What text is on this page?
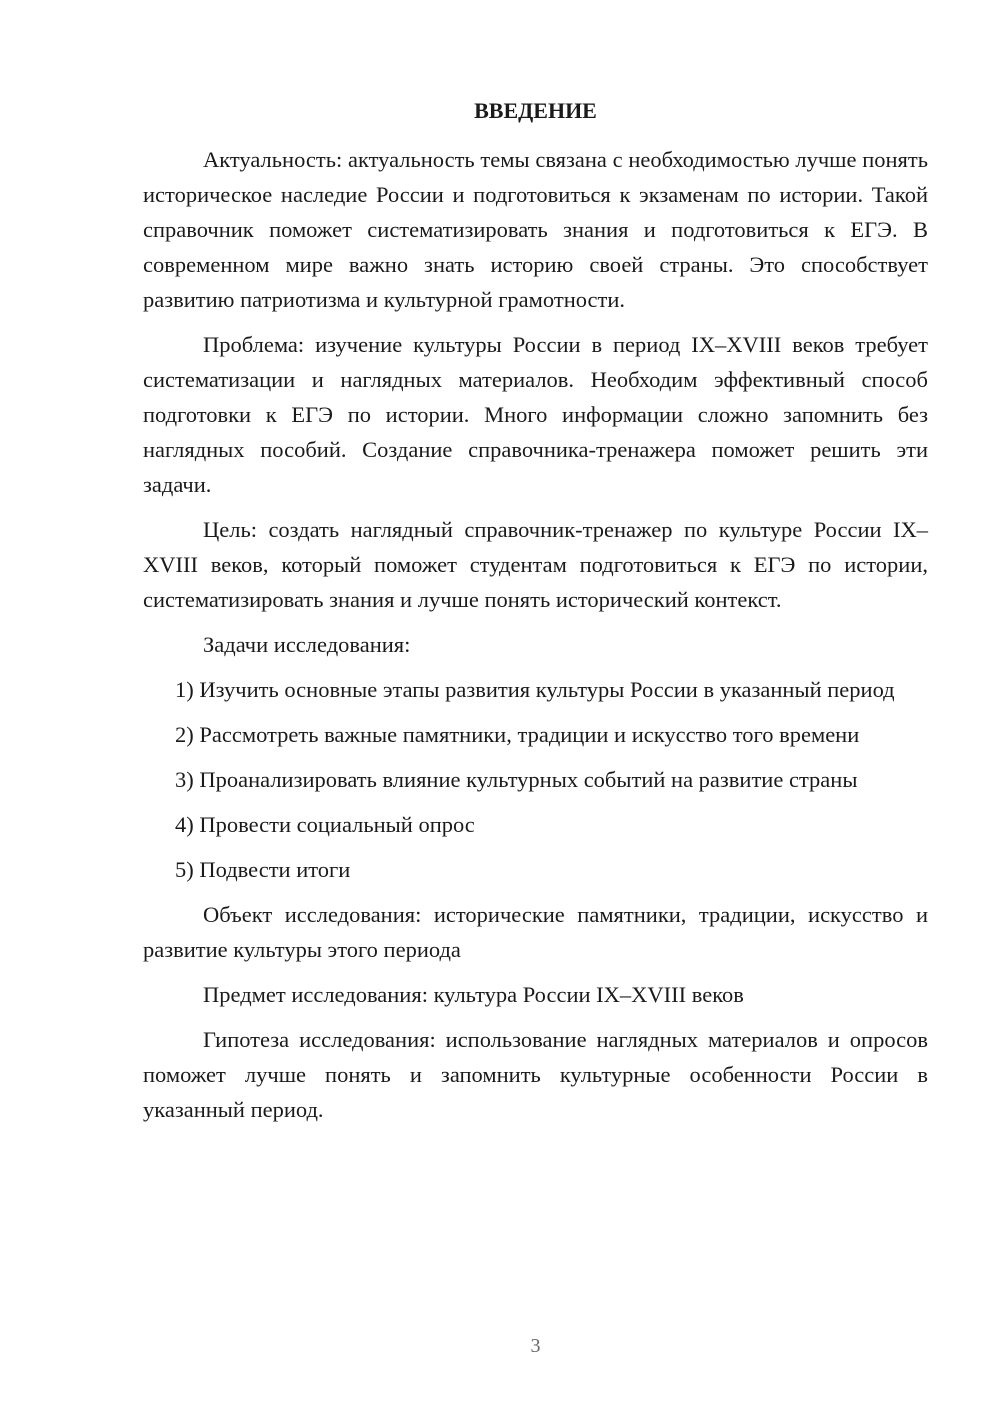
ВВЕДЕНИЕ

Актуальность: актуальность темы связана с необходимостью лучше понять историческое наследие России и подготовиться к экзаменам по истории. Такой справочник поможет систематизировать знания и подготовиться к ЕГЭ. В современном мире важно знать историю своей страны. Это способствует развитию патриотизма и культурной грамотности.

Проблема: изучение культуры России в период IX–XVIII веков требует систематизации и наглядных материалов. Необходим эффективный способ подготовки к ЕГЭ по истории. Много информации сложно запомнить без наглядных пособий. Создание справочника-тренажера поможет решить эти задачи.

Цель: создать наглядный справочник-тренажер по культуре России IX–XVIII веков, который поможет студентам подготовиться к ЕГЭ по истории, систематизировать знания и лучше понять исторический контекст.

Задачи исследования:

1) Изучить основные этапы развития культуры России в указанный период

2) Рассмотреть важные памятники, традиции и искусство того времени

3) Проанализировать влияние культурных событий на развитие страны

4) Провести социальный опрос

5) Подвести итоги

Объект исследования: исторические памятники, традиции, искусство и развитие культуры этого периода

Предмет исследования: культура России IX–XVIII веков

Гипотеза исследования: использование наглядных материалов и опросов поможет лучше понять и запомнить культурные особенности России в указанный период.

3
